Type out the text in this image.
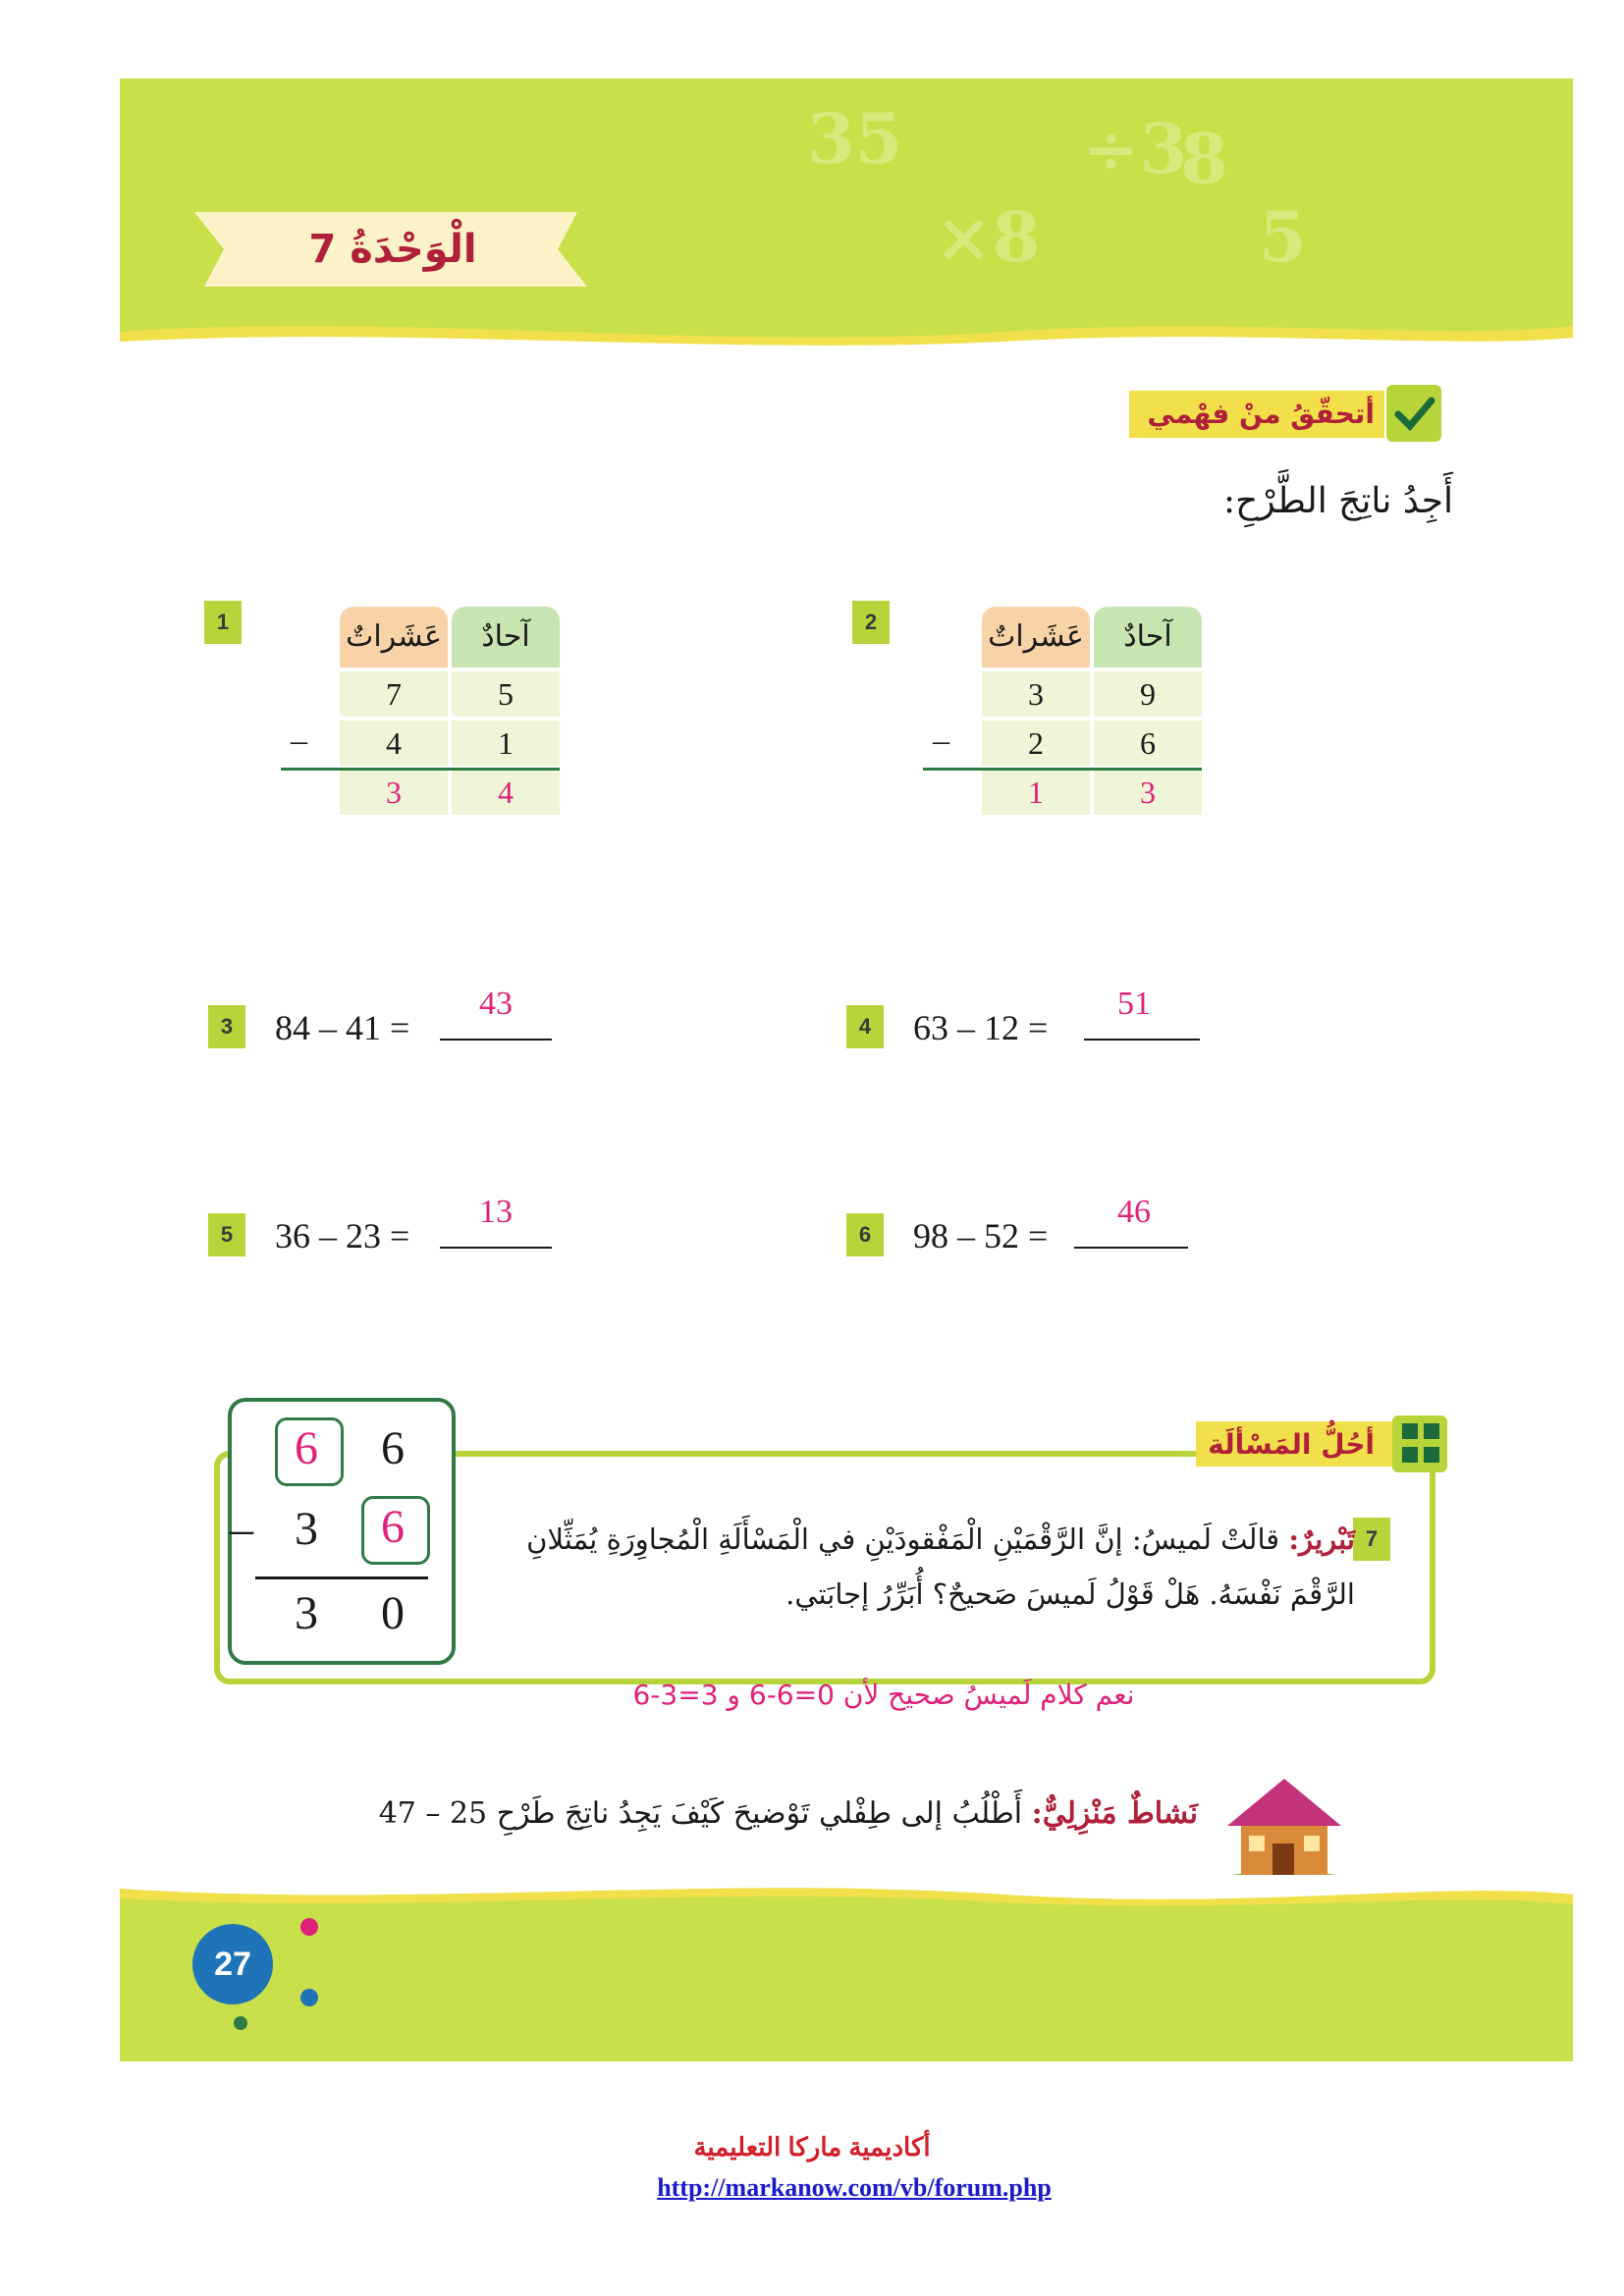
8
÷3
35
5
×8
الْوَحْدَةُ 7
أتحقّقُ منْ فهْمي
أَجِدُ ناتِجَ الطَّرْحِ:
1	عَشَراتٌ	آحادٌ
7	5
4	1
3	4
–
2	عَشَراتٌ	آحادٌ
3	9
2	6
1	3
–
3	84 – 41 =
43
4	63 – 12 =
51
5	36 – 23 =
13
6	98 – 52 =
46
أحُلُّ المَسْألَة
7
تَبْريرٌ: قالَتْ لَميسُ: إنَّ الرَّقْمَيْنِ الْمَفْقودَيْنِ في الْمَسْأَلَةِ الْمُجاوِرَةِ يُمَثِّلانِ الرَّقْمَ نَفْسَهُ. هَلْ قَوْلُ لَميسَ صَحيحٌ؟ أُبَرِّرُ إجابَتي.
6	6
– 3	6
3	0
نعم كلام لَميسُ صحيح لأن 0=6-6 و 3=3-6
نَشاطٌ مَنْزِلِيٌّ: أَطْلُبُ إلى طِفْلي تَوْضيحَ كَيْفَ يَجِدُ ناتِجَ طَرْحِ 25 – 47
27
أكاديمية ماركا التعليمية
http://markanow.com/vb/forum.php
